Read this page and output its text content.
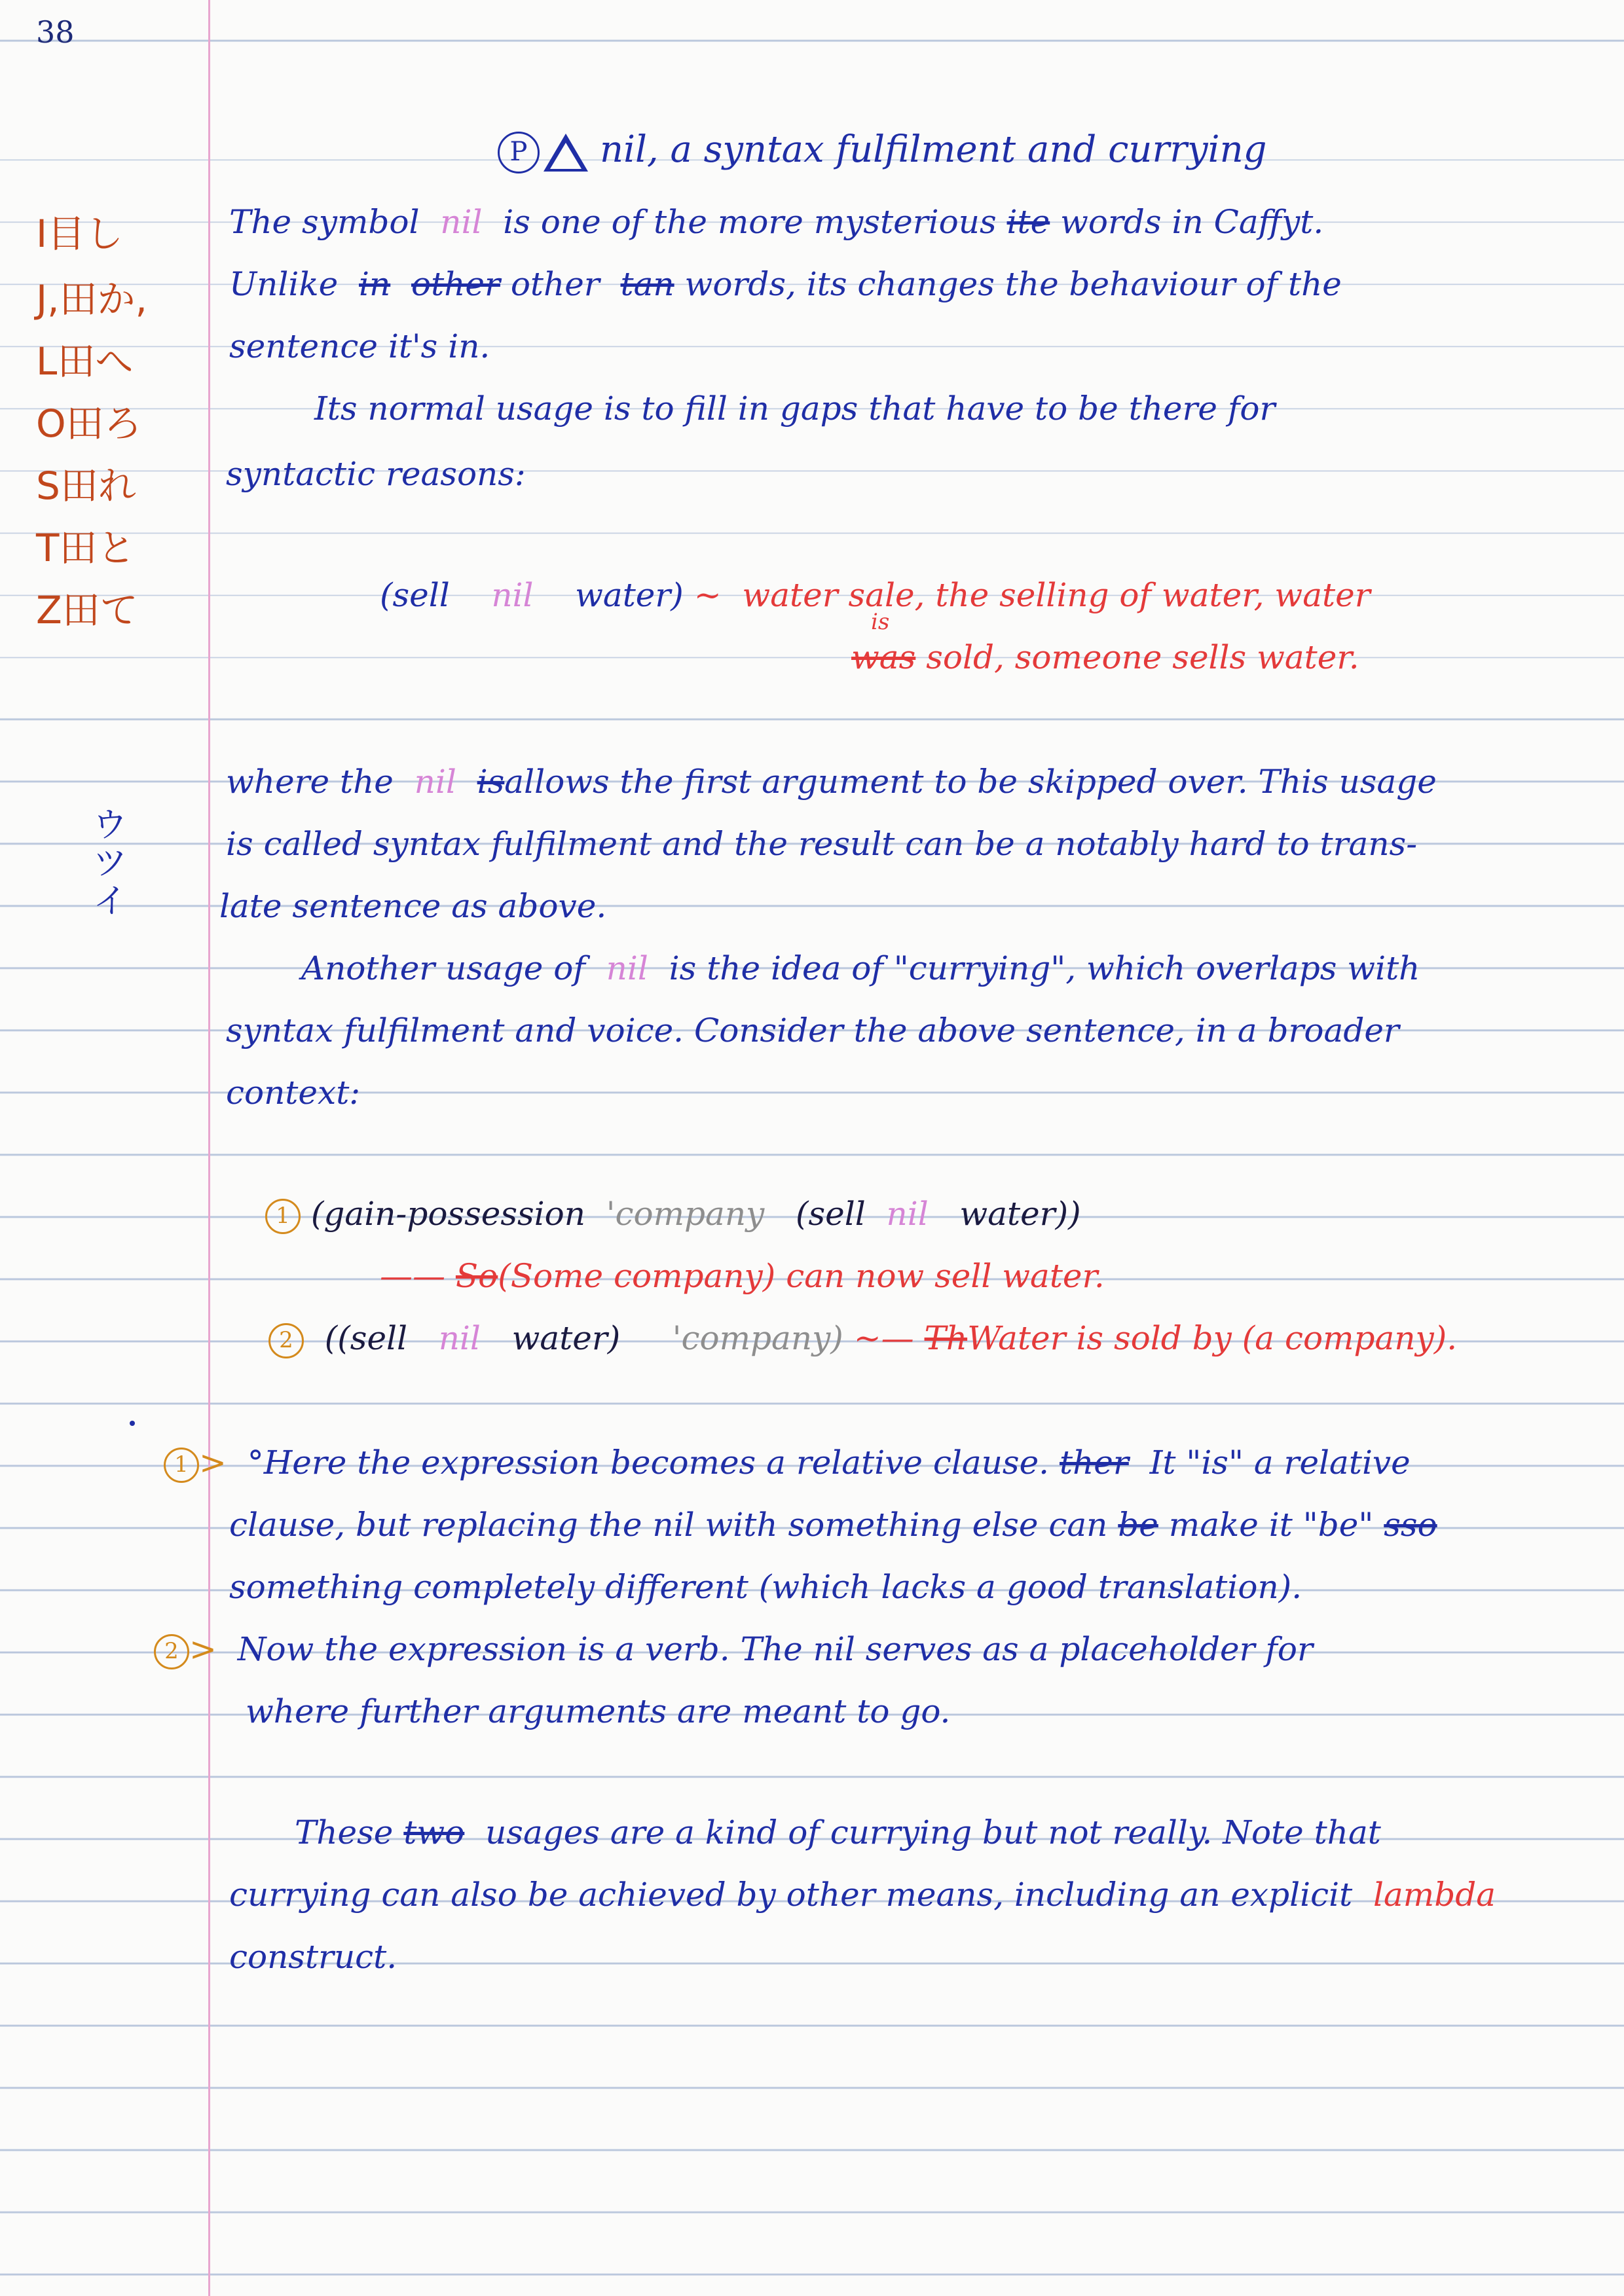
38
P nil, a syntax fulfilment and currying
I目し
J,田か,
L田へ
O田ろ
S田れ
T田と
Z田て
ウツイ
The symbol nil is one of the more mysterious ite words in Caffyt.
Unlike in other other tan words, its changes the behaviour of the
sentence it's in.
Its normal usage is to fill in gaps that have to be there for
syntactic reasons:
(sell nil water) ~ water sale, the selling of water, water
is
was sold, someone sells water.
where the nil isallows the first argument to be skipped over. This usage
is called syntax fulfilment and the result can be a notably hard to trans-
late sentence as above.
Another usage of nil is the idea of "currying", which overlaps with
syntax fulfilment and voice. Consider the above sentence, in a broader
context:
1 (gain-possession 'company (sell nil water))
—— So(Some company) can now sell water.
2 ((sell nil water) 'company) ~— ThWater is sold by (a company).
1 > °Here the expression becomes a relative clause. ther It "is" a relative
clause, but replacing the nil with something else can be make it "be" sso
something completely different (which lacks a good translation).
2 > Now the expression is a verb. The nil serves as a placeholder for
where further arguments are meant to go.
These two usages are a kind of currying but not really. Note that
currying can also be achieved by other means, including an explicit lambda
construct.
